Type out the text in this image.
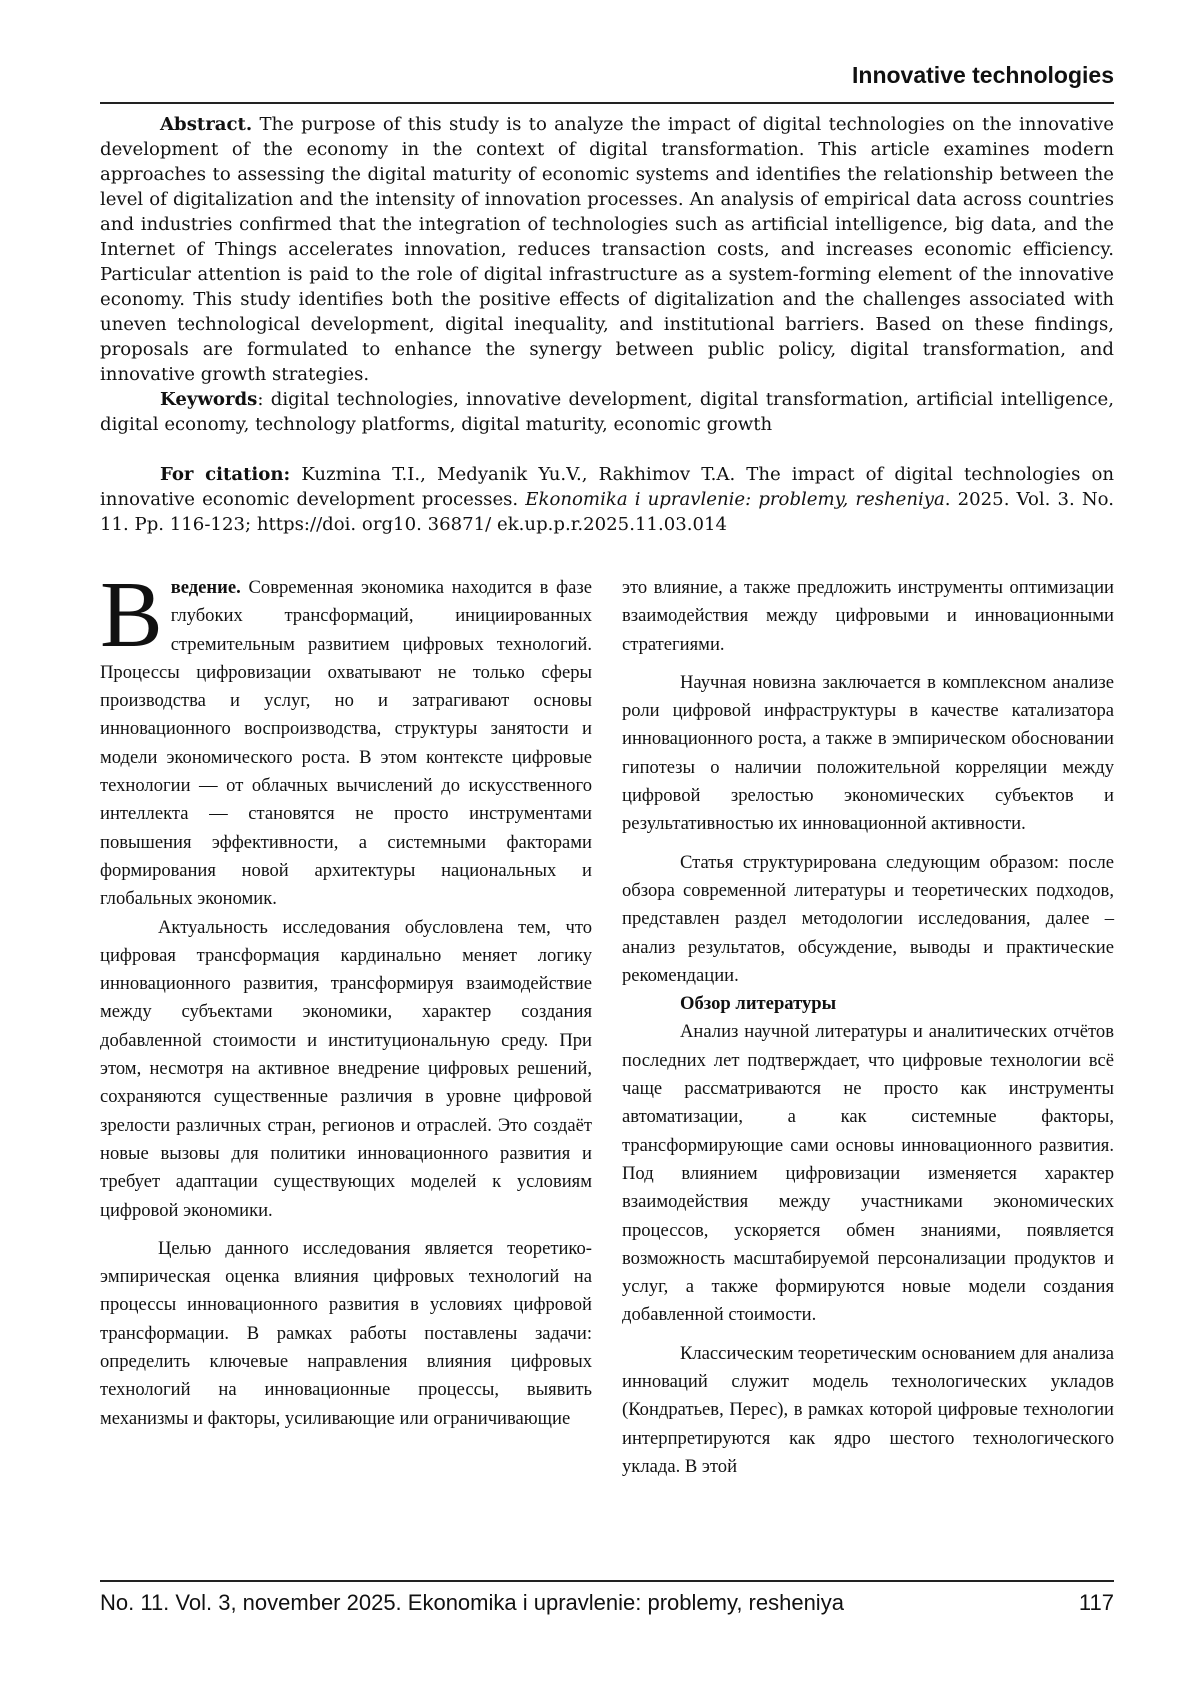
Innovative technologies

Abstract. The purpose of this study is to analyze the impact of digital technologies on the innovative development of the economy in the context of digital transformation. This article examines modern approaches to assessing the digital maturity of economic systems and identifies the relationship between the level of digitalization and the intensity of innovation processes. An analysis of empirical data across countries and industries confirmed that the integration of technologies such as artificial intelligence, big data, and the Internet of Things accelerates innovation, reduces transaction costs, and increases economic efficiency. Particular attention is paid to the role of digital infrastructure as a system-forming element of the innovative economy. This study identifies both the positive effects of digitalization and the challenges associated with uneven technological development, digital inequality, and institutional barriers. Based on these findings, proposals are formulated to enhance the synergy between public policy, digital transformation, and innovative growth strategies.

Keywords: digital technologies, innovative development, digital transformation, artificial intelligence, digital economy, technology platforms, digital maturity, economic growth

For citation: Kuzmina T.I., Medyanik Yu.V., Rakhimov T.A. The impact of digital technologies on innovative economic development processes. Ekonomika i upravlenie: problemy, resheniya. 2025. Vol. 3. No. 11. Pp. 116-123; https://doi. org10. 36871/ ek.up.p.r.2025.11.03.014

Введение. Современная экономика находится в фазе глубоких трансформаций, инициированных стремительным развитием цифровых технологий. Процессы цифровизации охватывают не только сферы производства и услуг, но и затрагивают основы инновационного воспроизводства, структуры занятости и модели экономического роста. В этом контексте цифровые технологии — от облачных вычислений до искусственного интеллекта — становятся не просто инструментами повышения эффективности, а системными факторами формирования новой архитектуры национальных и глобальных экономик.

Актуальность исследования обусловлена тем, что цифровая трансформация кардинально меняет логику инновационного развития, трансформируя взаимодействие между субъектами экономики, характер создания добавленной стоимости и институциональную среду. При этом, несмотря на активное внедрение цифровых решений, сохраняются существенные различия в уровне цифровой зрелости различных стран, регионов и отраслей. Это создаёт новые вызовы для политики инновационного развития и требует адаптации существующих моделей к условиям цифровой экономики.

Целью данного исследования является теоретико-эмпирическая оценка влияния цифровых технологий на процессы инновационного развития в условиях цифровой трансформации. В рамках работы поставлены задачи: определить ключевые направления влияния цифровых технологий на инновационные процессы, выявить механизмы и факторы, усиливающие или ограничивающие

это влияние, а также предложить инструменты оптимизации взаимодействия между цифровыми и инновационными стратегиями.

Научная новизна заключается в комплексном анализе роли цифровой инфраструктуры в качестве катализатора инновационного роста, а также в эмпирическом обосновании гипотезы о наличии положительной корреляции между цифровой зрелостью экономических субъектов и результативностью их инновационной активности.

Статья структурирована следующим образом: после обзора современной литературы и теоретических подходов, представлен раздел методологии исследования, далее – анализ результатов, обсуждение, выводы и практические рекомендации.

Обзор литературы

Анализ научной литературы и аналитических отчётов последних лет подтверждает, что цифровые технологии всё чаще рассматриваются не просто как инструменты автоматизации, а как системные факторы, трансформирующие сами основы инновационного развития. Под влиянием цифровизации изменяется характер взаимодействия между участниками экономических процессов, ускоряется обмен знаниями, появляется возможность масштабируемой персонализации продуктов и услуг, а также формируются новые модели создания добавленной стоимости.

Классическим теоретическим основанием для анализа инноваций служит модель технологических укладов (Кондратьев, Перес), в рамках которой цифровые технологии интерпретируются как ядро шестого технологического уклада. В этой

No. 11. Vol. 3, november 2025. Ekonomika i upravlenie: problemy, resheniya	117
